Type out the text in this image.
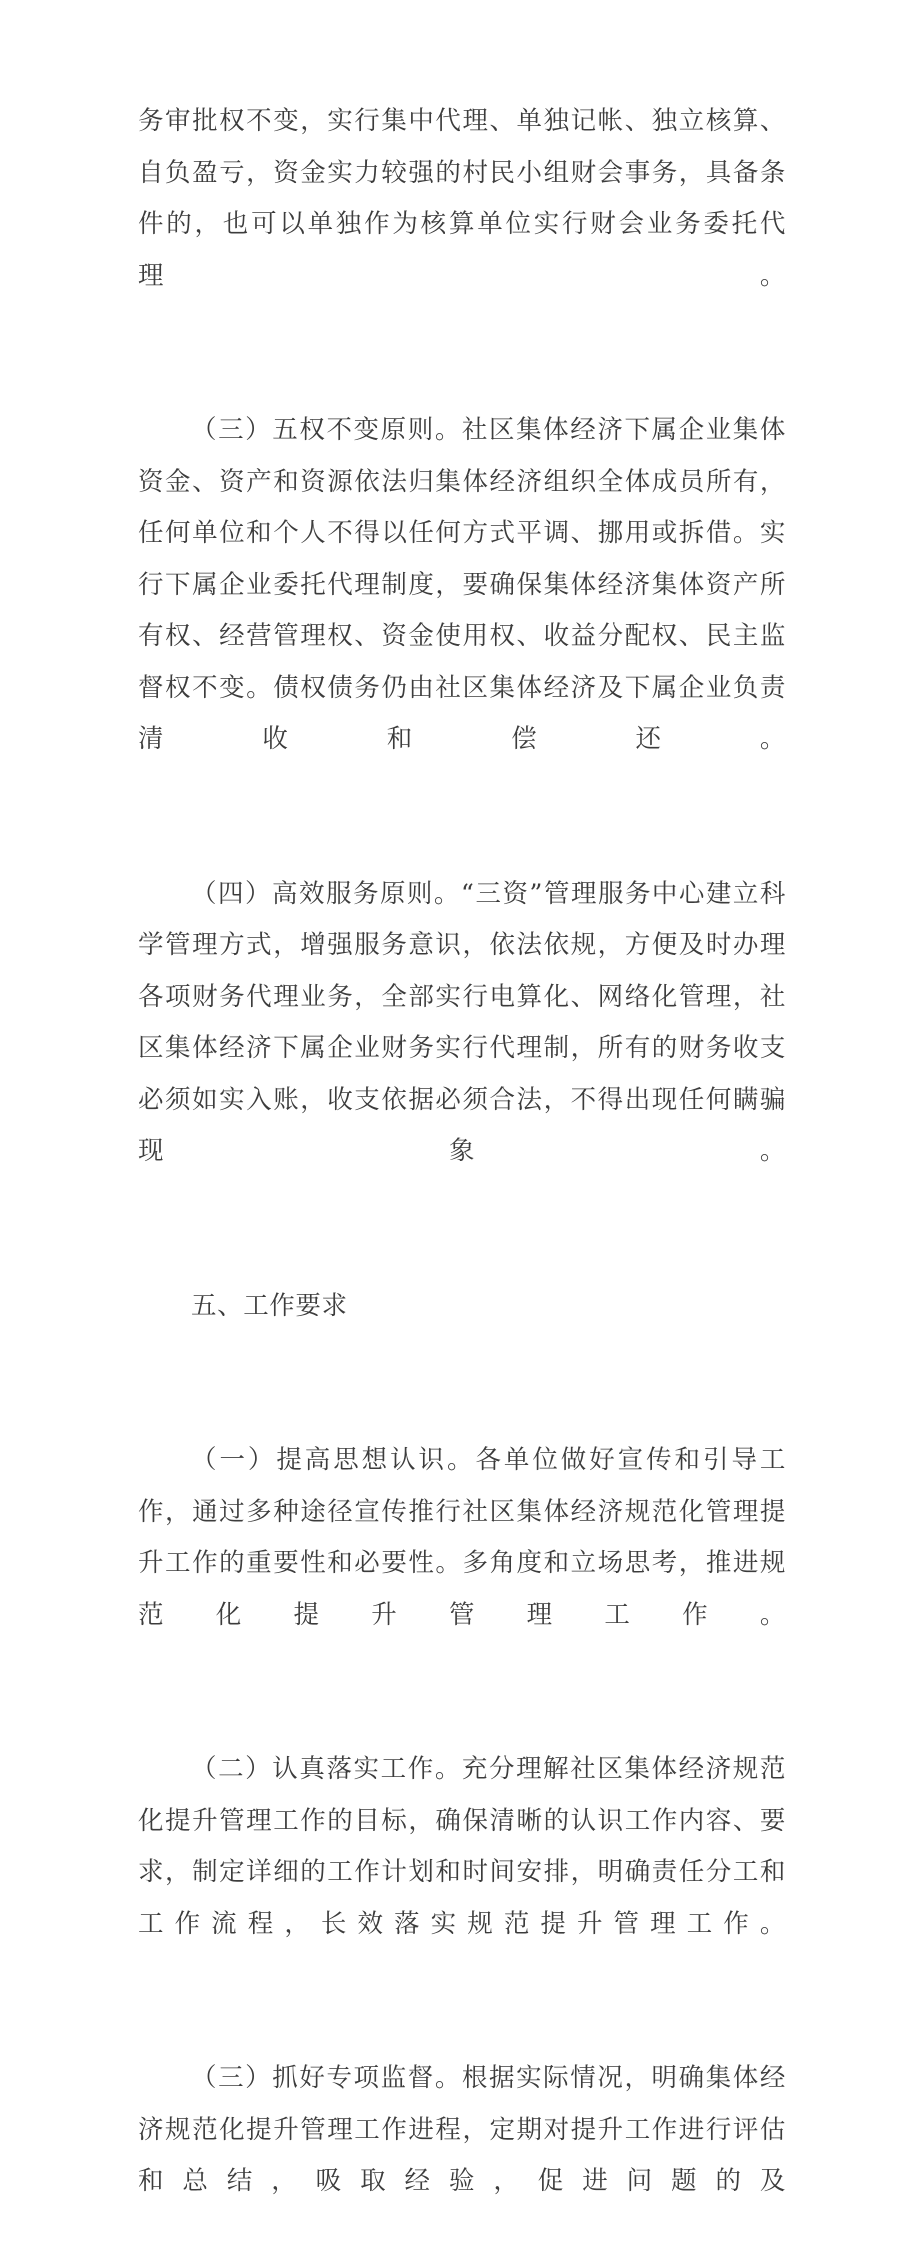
务审批权不变，实行集中代理、单独记帐、独立核算、自负盈亏，资金实力较强的村民小组财会事务，具备条件的，也可以单独作为核算单位实行财会业务委托代理。

（三）五权不变原则。社区集体经济下属企业集体资金、资产和资源依法归集体经济组织全体成员所有，任何单位和个人不得以任何方式平调、挪用或拆借。实行下属企业委托代理制度，要确保集体经济集体资产所有权、经营管理权、资金使用权、收益分配权、民主监督权不变。债权债务仍由社区集体经济及下属企业负责清收和偿还。

（四）高效服务原则。“三资”管理服务中心建立科学管理方式，增强服务意识，依法依规，方便及时办理各项财务代理业务，全部实行电算化、网络化管理，社区集体经济下属企业财务实行代理制，所有的财务收支必须如实入账，收支依据必须合法，不得出现任何瞒骗现象。

五、工作要求

（一）提高思想认识。各单位做好宣传和引导工作，通过多种途径宣传推行社区集体经济规范化管理提升工作的重要性和必要性。多角度和立场思考，推进规范化提升管理工作。

（二）认真落实工作。充分理解社区集体经济规范化提升管理工作的目标，确保清晰的认识工作内容、要求，制定详细的工作计划和时间安排，明确责任分工和工作流程，长效落实规范提升管理工作。

（三）抓好专项监督。根据实际情况，明确集体经济规范化提升管理工作进程，定期对提升工作进行评估和总结，吸取经验，促进问题的及
